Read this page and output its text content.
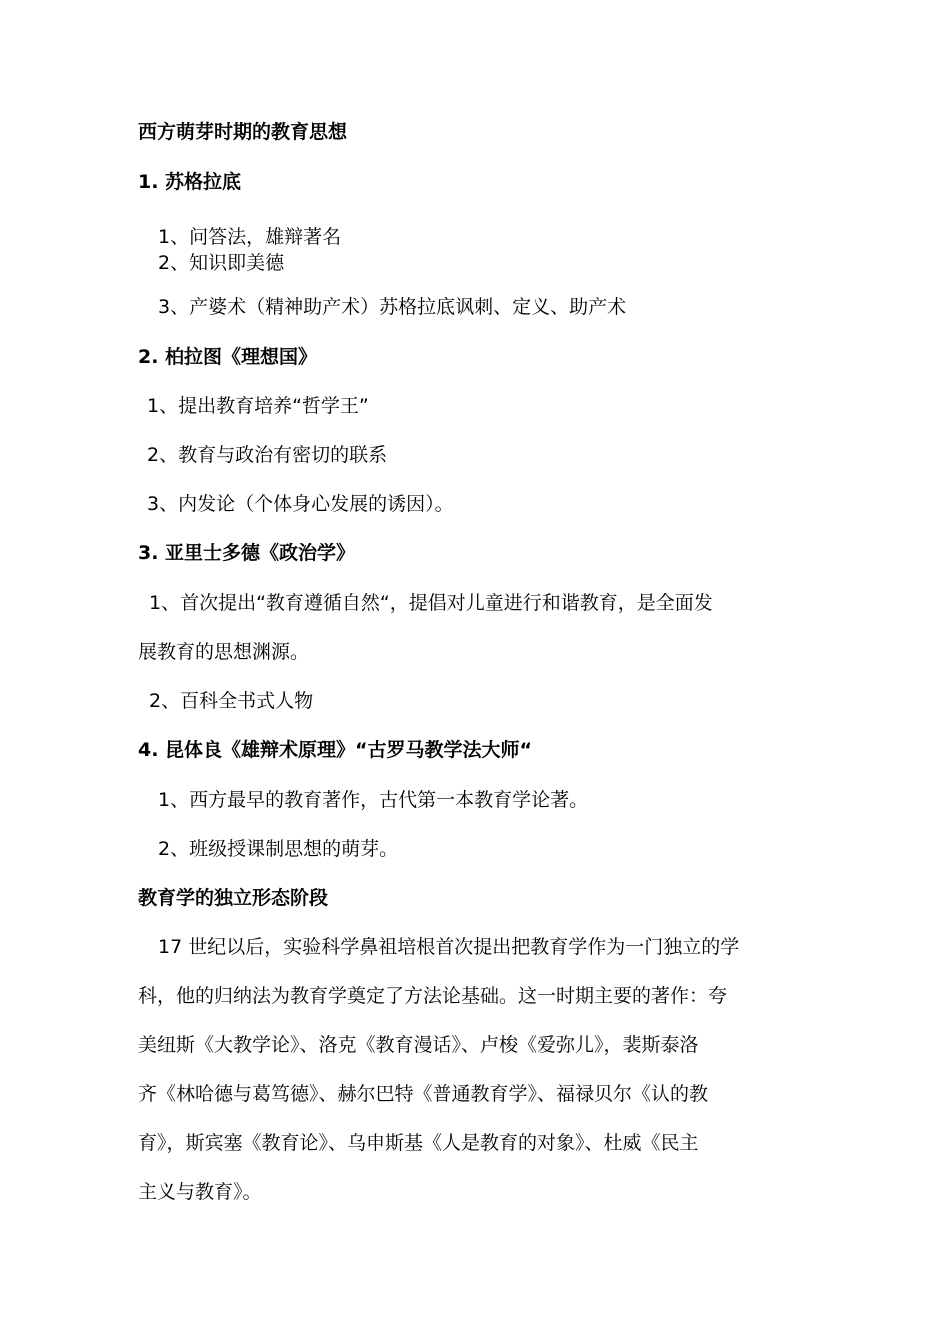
西方萌芽时期的教育思想
1. 苏格拉底
1、问答法，雄辩著名
2、知识即美德
3、产婆术（精神助产术）苏格拉底讽刺、定义、助产术
2. 柏拉图《理想国》
1、提出教育培养“哲学王”
2、教育与政治有密切的联系
3、内发论（个体身心发展的诱因）。
3. 亚里士多德《政治学》
1、首次提出“教育遵循自然“，提倡对儿童进行和谐教育，是全面发
展教育的思想渊源。
2、百科全书式人物
4. 昆体良《雄辩术原理》“古罗马教学法大师“
1、西方最早的教育著作，古代第一本教育学论著。
2、班级授课制思想的萌芽。
教育学的独立形态阶段
17 世纪以后，实验科学鼻祖培根首次提出把教育学作为一门独立的学
科，他的归纳法为教育学奠定了方法论基础。这一时期主要的著作：夸
美纽斯《大教学论》、洛克《教育漫话》、卢梭《爱弥儿》，裴斯泰洛
齐《林哈德与葛笃德》、赫尔巴特《普通教育学》、福禄贝尔《认的教
育》，斯宾塞《教育论》、乌申斯基《人是教育的对象》、杜威《民主
主义与教育》。
